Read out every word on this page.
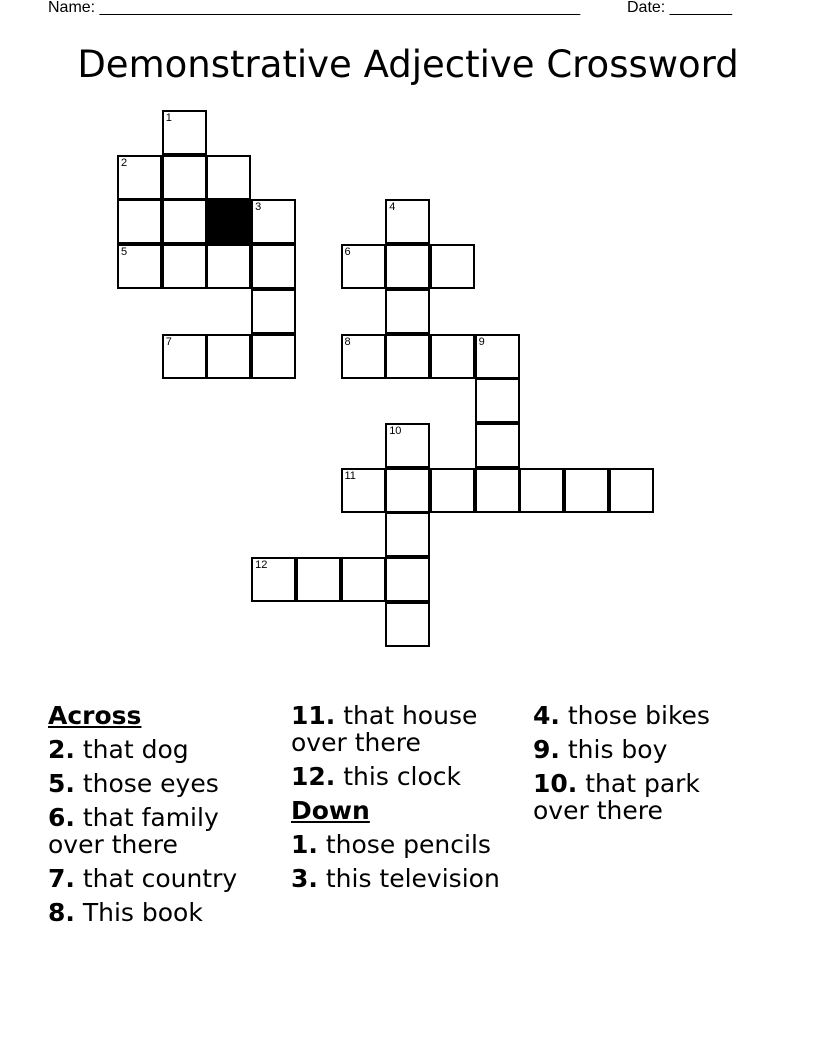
Name: ______________________________________________________	Date: _______
Demonstrative Adjective Crossword
1
2
3	4
5	6
7	8	9
10
11
12
Across
2. that dog
5. those eyes
6. that family over there
7. that country
8. This book
11. that house over there
12. this clock
Down
1. those pencils
3. this television
4. those bikes
9. this boy
10. that park over there
